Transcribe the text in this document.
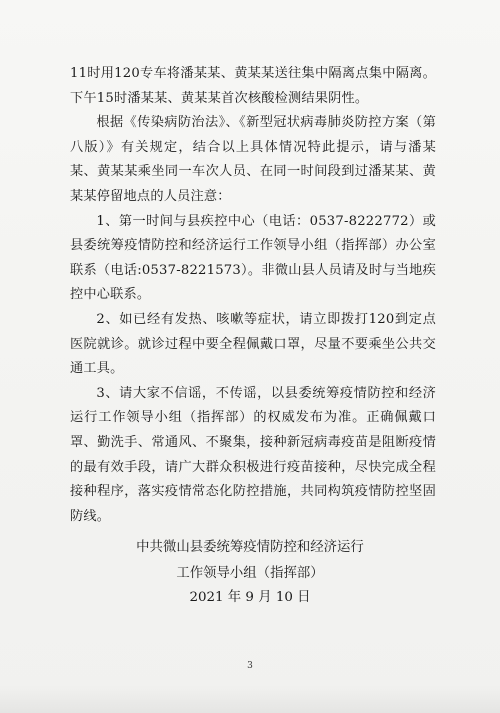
11时用120专车将潘某某、黄某某送往集中隔离点集中隔离。下午15时潘某某、黄某某首次核酸检测结果阴性。

根据《传染病防治法》、《新型冠状病毒肺炎防控方案（第八版）》有关规定，结合以上具体情况特此提示，请与潘某某、黄某某乘坐同一车次人员、在同一时间段到过潘某某、黄某某停留地点的人员注意：

1、第一时间与县疾控中心（电话：0537-8222772）或县委统筹疫情防控和经济运行工作领导小组（指挥部）办公室联系（电话:0537-8221573）。非微山县人员请及时与当地疾控中心联系。

2、如已经有发热、咳嗽等症状，请立即拨打120到定点医院就诊。就诊过程中要全程佩戴口罩，尽量不要乘坐公共交通工具。

3、请大家不信谣，不传谣，以县委统筹疫情防控和经济运行工作领导小组（指挥部）的权威发布为准。正确佩戴口罩、勤洗手、常通风、不聚集，接种新冠病毒疫苗是阻断疫情的最有效手段，请广大群众积极进行疫苗接种，尽快完成全程接种程序，落实疫情常态化防控措施，共同构筑疫情防控坚固防线。

中共微山县委统筹疫情防控和经济运行
工作领导小组（指挥部）
2021 年 9 月 10 日
3
